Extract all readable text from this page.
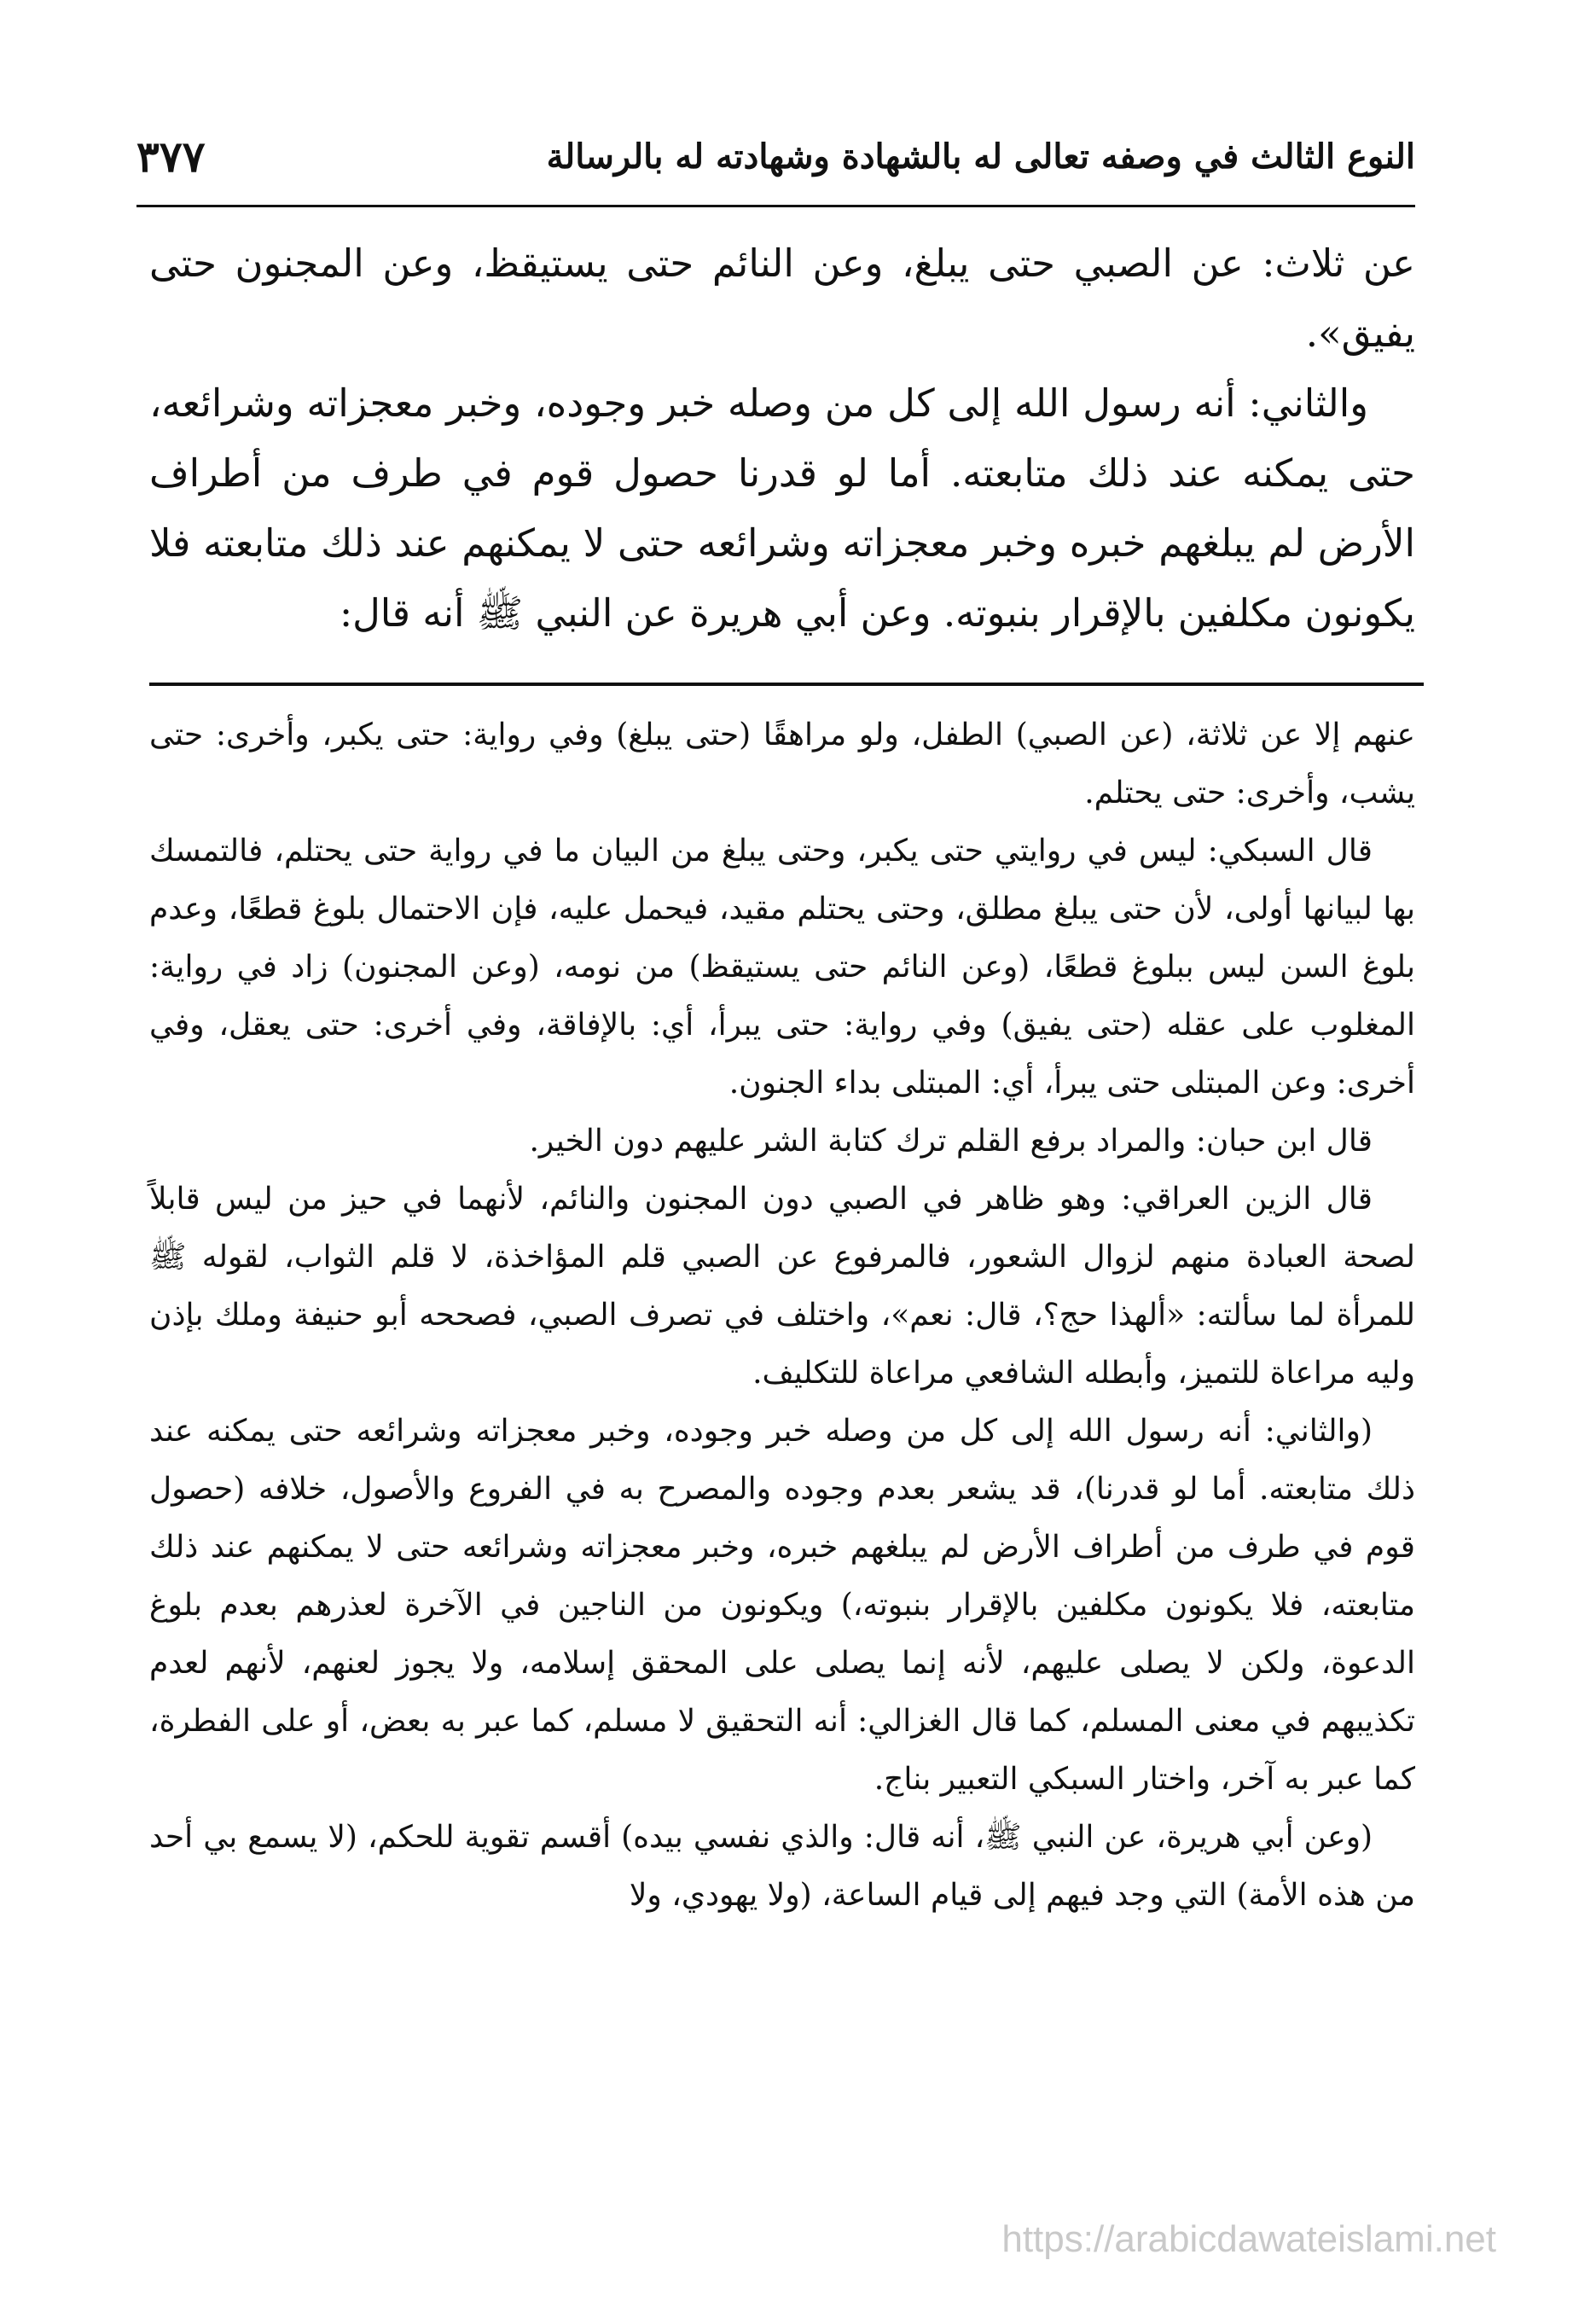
النوع الثالث في وصفه تعالى له بالشهادة وشهادته له بالرسالة
٣٧٧

عن ثلاث: عن الصبي حتى يبلغ، وعن النائم حتى يستيقظ، وعن المجنون حتى يفيق».

والثاني: أنه رسول الله إلى كل من وصله خبر وجوده، وخبر معجزاته وشرائعه، حتى يمكنه عند ذلك متابعته. أما لو قدرنا حصول قوم في طرف من أطراف الأرض لم يبلغهم خبره وخبر معجزاته وشرائعه حتى لا يمكنهم عند ذلك متابعته فلا يكونون مكلفين بالإقرار بنبوته. وعن أبي هريرة عن النبي ﷺ أنه قال:

عنهم إلا عن ثلاثة، (عن الصبي) الطفل، ولو مراهقًا (حتى يبلغ) وفي رواية: حتى يكبر، وأخرى: حتى يشب، وأخرى: حتى يحتلم.

قال السبكي: ليس في روايتي حتى يكبر، وحتى يبلغ من البيان ما في رواية حتى يحتلم، فالتمسك بها لبيانها أولى، لأن حتى يبلغ مطلق، وحتى يحتلم مقيد، فيحمل عليه، فإن الاحتمال بلوغ قطعًا، وعدم بلوغ السن ليس ببلوغ قطعًا، (وعن النائم حتى يستيقظ) من نومه، (وعن المجنون) زاد في رواية: المغلوب على عقله (حتى يفيق) وفي رواية: حتى يبرأ، أي: بالإفاقة، وفي أخرى: حتى يعقل، وفي أخرى: وعن المبتلى حتى يبرأ، أي: المبتلى بداء الجنون.

قال ابن حبان: والمراد برفع القلم ترك كتابة الشر عليهم دون الخير.

قال الزين العراقي: وهو ظاهر في الصبي دون المجنون والنائم، لأنهما في حيز من ليس قابلاً لصحة العبادة منهم لزوال الشعور، فالمرفوع عن الصبي قلم المؤاخذة، لا قلم الثواب، لقوله ﷺ للمرأة لما سألته: «ألهذا حج؟، قال: نعم»، واختلف في تصرف الصبي، فصححه أبو حنيفة وملك بإذن وليه مراعاة للتميز، وأبطله الشافعي مراعاة للتكليف.

(والثاني: أنه رسول الله إلى كل من وصله خبر وجوده، وخبر معجزاته وشرائعه حتى يمكنه عند ذلك متابعته. أما لو قدرنا)، قد يشعر بعدم وجوده والمصرح به في الفروع والأصول، خلافه (حصول قوم في طرف من أطراف الأرض لم يبلغهم خبره، وخبر معجزاته وشرائعه حتى لا يمكنهم عند ذلك متابعته، فلا يكونون مكلفين بالإقرار بنبوته،) ويكونون من الناجين في الآخرة لعذرهم بعدم بلوغ الدعوة، ولكن لا يصلى عليهم، لأنه إنما يصلى على المحقق إسلامه، ولا يجوز لعنهم، لأنهم لعدم تكذيبهم في معنى المسلم، كما قال الغزالي: أنه التحقيق لا مسلم، كما عبر به بعض، أو على الفطرة، كما عبر به آخر، واختار السبكي التعبير بناج.

(وعن أبي هريرة، عن النبي ﷺ، أنه قال: والذي نفسي بيده) أقسم تقوية للحكم، (لا يسمع بي أحد من هذه الأمة) التي وجد فيهم إلى قيام الساعة، (ولا يهودي، ولا

https://arabicdawateislami.net
